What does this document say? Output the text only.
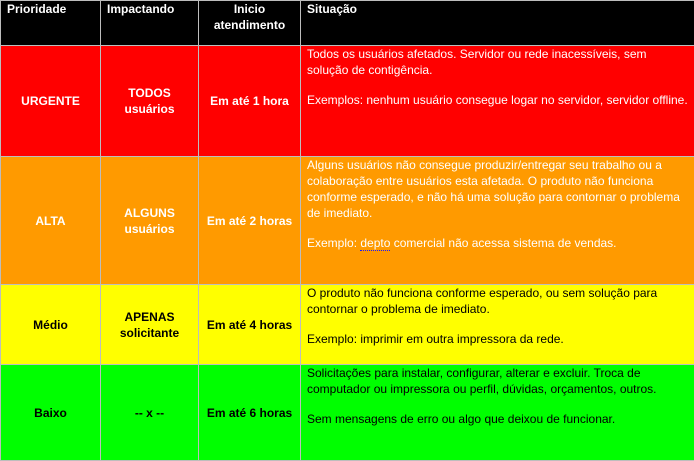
Prioridade	Impactando	Inicio atendimento	Situação
URGENTE	TODOS usuários	Em até 1 hora	Todos os usuários afetados. Servidor ou rede inacessíveis, sem solução de contigência.

Exemplos: nenhum usuário consegue logar no servidor, servidor offline.

ALTA	ALGUNS usuários	Em até 2 horas	Alguns usuários não consegue produzir/entregar seu trabalho ou a colaboração entre usuários esta afetada. O produto não funciona conforme esperado, e não há uma solução para contornar o problema de imediato.

Exemplo: depto comercial não acessa sistema de vendas.

Médio	APENAS solicitante	Em até 4 horas	O produto não funciona conforme esperado, ou sem solução para contornar o problema de imediato.

Exemplo: imprimir em outra impressora da rede.

Baixo	-- x --	Em até 6 horas	Solicitações para instalar, configurar, alterar e excluir. Troca de computador ou impressora ou perfil, dúvidas, orçamentos, outros.

Sem mensagens de erro ou algo que deixou de funcionar.
